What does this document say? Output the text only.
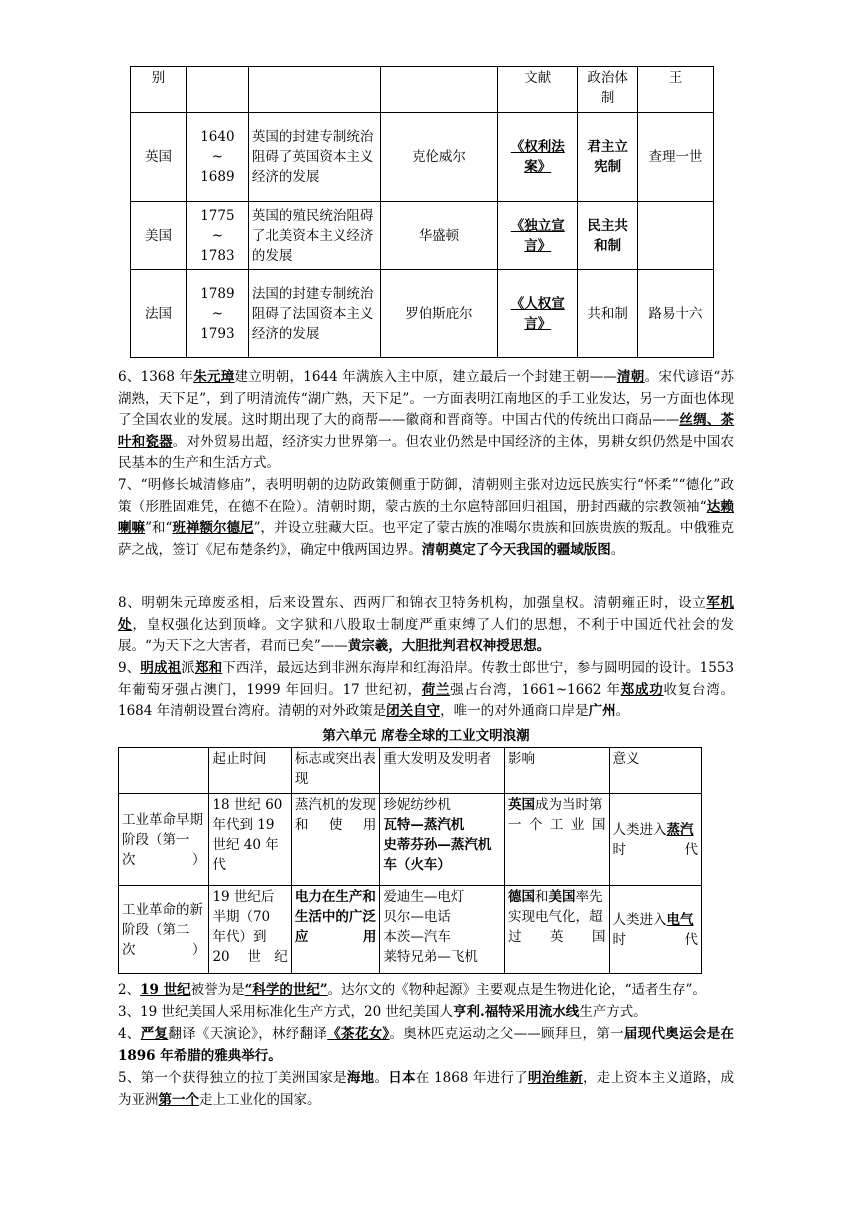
别				文献	政治体制	王
英国	1640
~
1689	英国的封建专制统治阻碍了英国资本主义经济的发展	克伦威尔	《权利法案》	君主立宪制	查理一世
美国	1775
~
1783	英国的殖民统治阻碍了北美资本主义经济的发展	华盛顿	《独立宣言》	民主共和制	
法国	1789
~
1793	法国的封建专制统治阻碍了法国资本主义经济的发展	罗伯斯庇尔	《人权宣言》	共和制	路易十六

6、1368 年朱元璋建立明朝，1644 年满族入主中原，建立最后一个封建王朝——清朝。宋代谚语“苏湖熟，天下足”，到了明清流传“湖广熟，天下足”。一方面表明江南地区的手工业发达，另一方面也体现了全国农业的发展。这时期出现了大的商帮——徽商和晋商等。中国古代的传统出口商品——丝绸、茶叶和瓷器。对外贸易出超，经济实力世界第一。但农业仍然是中国经济的主体，男耕女织仍然是中国农民基本的生产和生活方式。

7、“明修长城清修庙”，表明明朝的边防政策侧重于防御，清朝则主张对边远民族实行“怀柔”“德化”政策（形胜固难凭，在德不在险）。清朝时期，蒙古族的土尔扈特部回归祖国，册封西藏的宗教领袖“达赖喇嘛”和“班禅额尔德尼”，并设立驻藏大臣。也平定了蒙古族的准噶尔贵族和回族贵族的叛乱。中俄雅克萨之战，签订《尼布楚条约》，确定中俄两国边界。清朝奠定了今天我国的疆域版图。

8、明朝朱元璋废丞相，后来设置东、西两厂和锦衣卫特务机构，加强皇权。清朝雍正时，设立军机处，皇权强化达到顶峰。文字狱和八股取士制度严重束缚了人们的思想，不利于中国近代社会的发展。“为天下之大害者，君而已矣”——黄宗羲，大胆批判君权神授思想。

9、明成祖派郑和下西洋，最远达到非洲东海岸和红海沿岸。传教士郎世宁，参与圆明园的设计。1553 年葡萄牙强占澳门，1999 年回归。17 世纪初，荷兰强占台湾，1661~1662 年郑成功收复台湾。1684 年清朝设置台湾府。清朝的对外政策是闭关自守，唯一的对外通商口岸是广州。

第六单元 席卷全球的工业文明浪潮
	起止时间	标志或突出表现	重大发明及发明者	影响	意义
工业革命早期阶段（第一次）	18 世纪 60 年代到 19 世纪 40 年代	蒸汽机的发现和使用	珍妮纺纱机
瓦特—蒸汽机
史蒂芬孙—蒸汽机车（火车）	英国成为当时第一个工业国	人类进入蒸汽时代
工业革命的新阶段（第二次）	19 世纪后半期（70 年代）到 20 世纪	电力在生产和生活中的广泛应用	爱迪生—电灯
贝尔—电话
本茨—汽车
莱特兄弟—飞机	德国和美国率先实现电气化，超过英国	人类进入电气时代

2、19 世纪被誉为是“科学的世纪”。达尔文的《物种起源》主要观点是生物进化论，“适者生存”。

3、19 世纪美国人采用标准化生产方式，20 世纪美国人亨利.福特采用流水线生产方式。

4、严复翻译《天演论》，林纾翻译《茶花女》。奥林匹克运动之父——顾拜旦，第一届现代奥运会是在 1896 年希腊的雅典举行。

5、第一个获得独立的拉丁美洲国家是海地。日本在 1868 年进行了明治维新，走上资本主义道路，成为亚洲第一个走上工业化的国家。
